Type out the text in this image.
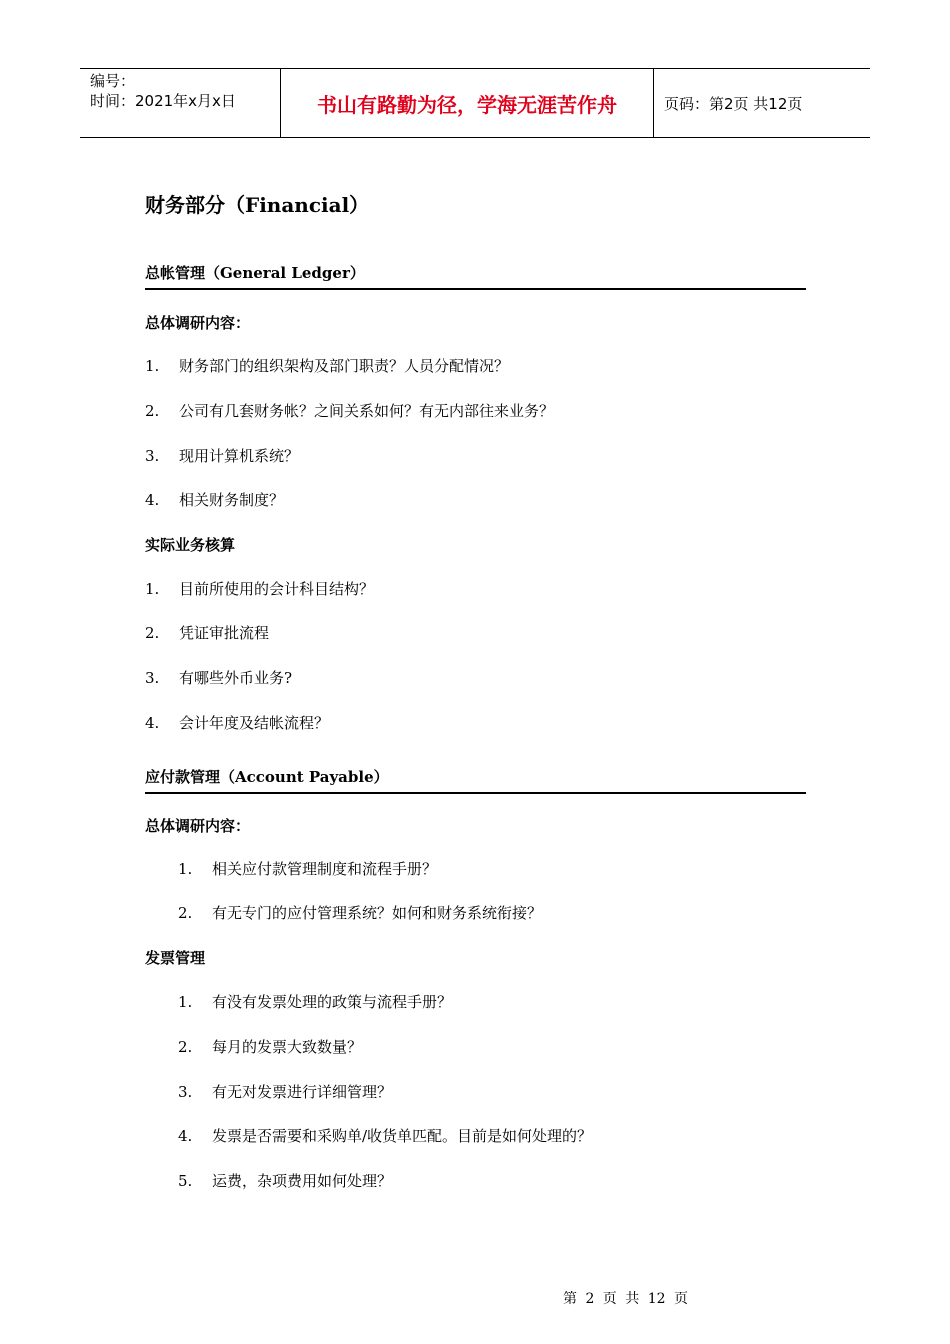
编号：
时间：2021年x月x日	书山有路勤为径，学海无涯苦作舟	页码：第2页 共12页
财务部分（Financial）
总帐管理（General Ledger）
总体调研内容：
1. 财务部门的组织架构及部门职责？人员分配情况？
2. 公司有几套财务帐？之间关系如何？有无内部往来业务？
3. 现用计算机系统？
4. 相关财务制度？
实际业务核算
1. 目前所使用的会计科目结构？
2. 凭证审批流程
3. 有哪些外币业务?
4. 会计年度及结帐流程？
应付款管理（Account Payable）
总体调研内容：
1. 相关应付款管理制度和流程手册？
2. 有无专门的应付管理系统？如何和财务系统衔接？
发票管理
1. 有没有发票处理的政策与流程手册？
2. 每月的发票大致数量？
3. 有无对发票进行详细管理？
4. 发票是否需要和采购单/收货单匹配。目前是如何处理的？
5. 运费，杂项费用如何处理？
第 2 页 共 12 页
